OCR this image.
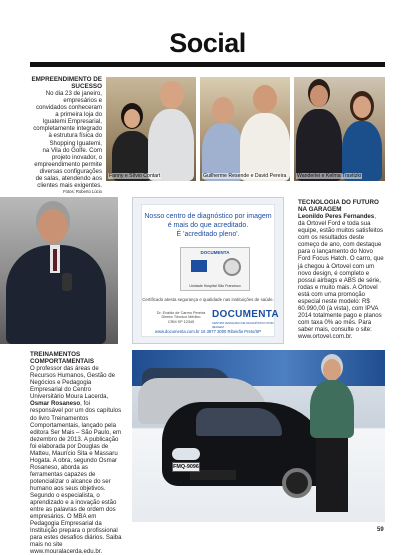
Social
EMPREENDIMENTO DE SUCESSO
No dia 23 de janeiro,
empresários e
convidados conheceram
a primeira loja do
Iguatemi Empresarial,
completamente integrado
à estrutura física do
Shopping Iguatemi,
na Vila do Golfe. Com
projeto inovador, o
empreendimento permite
diversas configurações
de salas, atendendo aos
clientes mais exigentes.
Fotos: Roberto Lúcio
Fanny e Sílvio Contart	Guilherme Resende e David Pereira Wanderlei e Kelma Travitzki
TECNOLOGIA DO FUTURO NA GARAGEM
Leonildo Peres Fernandes, da Ortovel Ford e toda sua equipe, estão muitos satisfeitos com os resultados deste começo de ano, com destaque para o lançamento do Novo Ford Focus Hatch. O carro, que já chegou à Ortovel com um novo design, é completo e possui airbags e ABS de série, rodas e muito mais. A Ortovel está com uma promoção especial neste modelo: R$ 60.990,00 (à vista), com IPVA 2014 totalmente pago e planos com taxa 0% ao mês. Para saber mais, consulte o site: www.ortovel.com.br.
Nosso centro de diagnóstico por imagem
é mais do que acreditado.
É 'acreditado pleno'.
DOCUMENTA
Unidade Hospital São Francisco
Certificado atesta segurança e qualidade nas instituições de saúde.
Dr. Evaldo de Carmo Pereira
Diretor Técnico Médico
CRM SP 12345
DOCUMENTA
CENTRO AVANÇADO DE DIAGNÓSTICO POR IMAGEM
www.documenta.com.br 16 3977 3000 Ribeirão Preto/SP
TREINAMENTOS COMPORTAMENTAIS
O professor das áreas de Recursos Humanos, Gestão de Negócios e Pedagogia Empresarial do Centro Universitário Moura Lacerda, Osmar Rosaneso, foi responsável por um dos capítulos do livro Treinamentos Comportamentais, lançado pela editora Ser Mais – São Paulo, em dezembro de 2013. A publicação foi elaborada por Douglas de Matteu, Maurício Sita e Massaru Hogata. A obra, segundo Osmar Rosaneso, aborda as ferramentas capazes de potencializar o alcance do ser humano aos seus objetivos. Segundo o especialista, o aprendizado e a inovação estão entre as palavras de ordem dos empresários. O MBA em Pedagogia Empresarial da Instituição prepara o profissional para estes desafios diários. Saiba mais no site www.mouralacerda.edu.br.
FMQ-9096
59
